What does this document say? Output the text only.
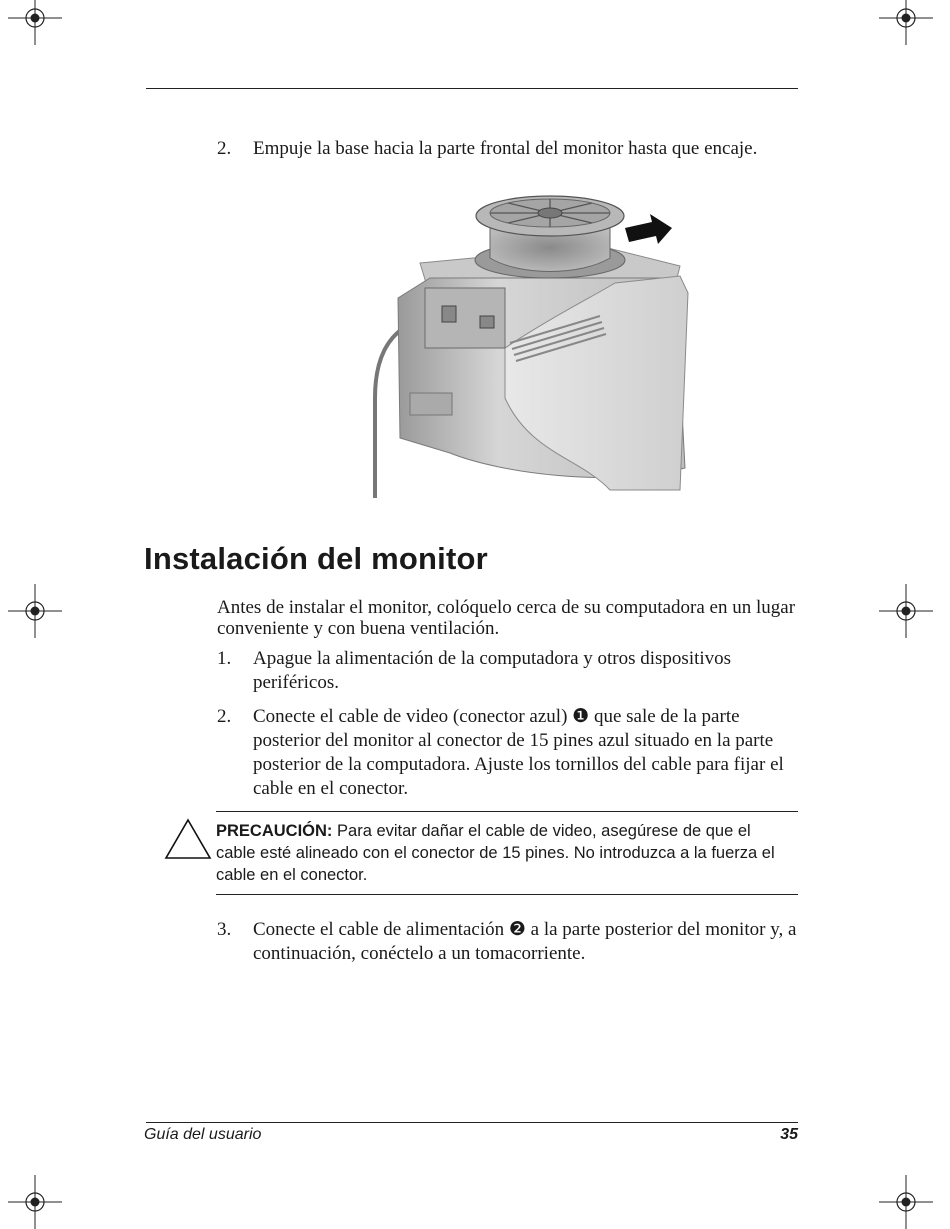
2. Empuje la base hacia la parte frontal del monitor hasta que encaje.
Instalación del monitor
Antes de instalar el monitor, colóquelo cerca de su computadora en un lugar conveniente y con buena ventilación.
1. Apague la alimentación de la computadora y otros dispositivos periféricos.
2. Conecte el cable de video (conector azul) ❶ que sale de la parte posterior del monitor al conector de 15 pines azul situado en la parte posterior de la computadora. Ajuste los tornillos del cable para fijar el cable en el conector.
PRECAUCIÓN: Para evitar dañar el cable de video, asegúrese de que el cable esté alineado con el conector de 15 pines. No introduzca a la fuerza el cable en el conector.
3. Conecte el cable de alimentación ❷ a la parte posterior del monitor y, a continuación, conéctelo a un tomacorriente.
Guía del usuario	35
